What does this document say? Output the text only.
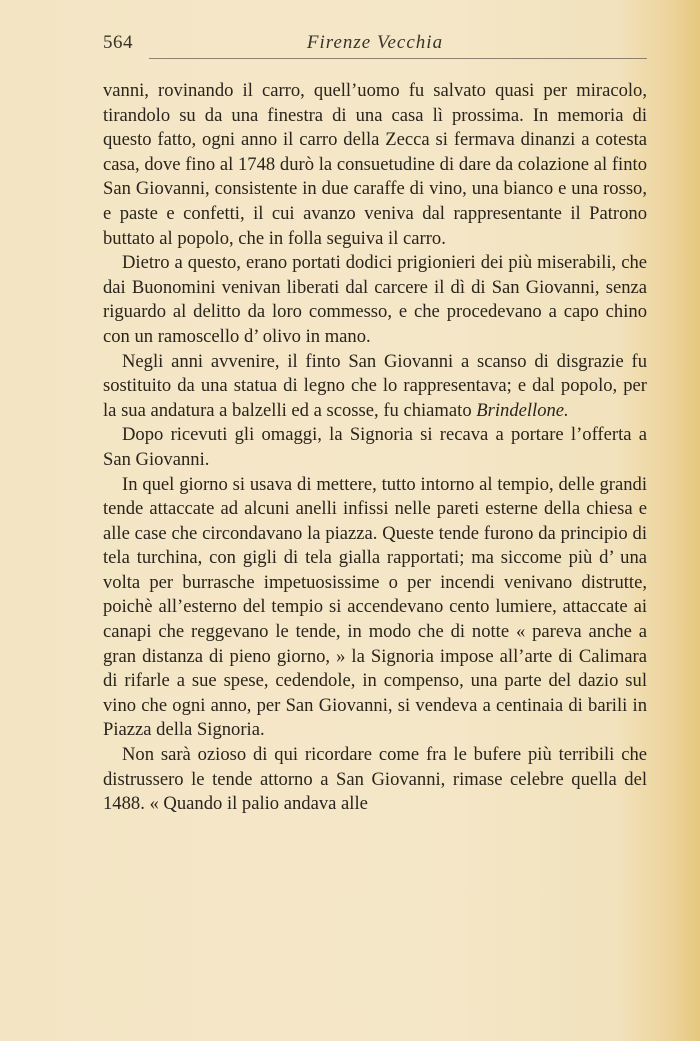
564	Firenze Vecchia

vanni, rovinando il carro, quell’uomo fu salvato quasi per miracolo, tirandolo su da una finestra di una casa lì prossima. In memoria di questo fatto, ogni anno il carro della Zecca si fermava dinanzi a cotesta casa, dove fino al 1748 durò la consuetudine di dare da colazione al finto San Giovanni, consistente in due caraffe di vino, una bianco e una rosso, e paste e confetti, il cui avanzo veniva dal rappresentante il Patrono buttato al popolo, che in folla seguiva il carro.

Dietro a questo, erano portati dodici prigionieri dei più miserabili, che dai Buonomini venivan liberati dal carcere il dì di San Giovanni, senza riguardo al delitto da loro commesso, e che procedevano a capo chino con un ramoscello d’ olivo in mano.

Negli anni avvenire, il finto San Giovanni a scanso di disgrazie fu sostituito da una statua di legno che lo rappresentava; e dal popolo, per la sua andatura a balzelli ed a scosse, fu chiamato Brindellone.

Dopo ricevuti gli omaggi, la Signoria si recava a portare l’offerta a San Giovanni.

In quel giorno si usava di mettere, tutto intorno al tempio, delle grandi tende attaccate ad alcuni anelli infissi nelle pareti esterne della chiesa e alle case che circondavano la piazza. Queste tende furono da principio di tela turchina, con gigli di tela gialla rapportati; ma siccome più d’ una volta per burrasche impetuosissime o per incendi venivano distrutte, poichè all’esterno del tempio si accendevano cento lumiere, attaccate ai canapi che reggevano le tende, in modo che di notte « pareva anche a gran distanza di pieno giorno, » la Signoria impose all’arte di Calimara di rifarle a sue spese, cedendole, in compenso, una parte del dazio sul vino che ogni anno, per San Giovanni, si vendeva a centinaia di barili in Piazza della Signoria.

Non sarà ozioso di qui ricordare come fra le bufere più terribili che distrussero le tende attorno a San Giovanni, rimase celebre quella del 1488. « Quando il palio andava alle
